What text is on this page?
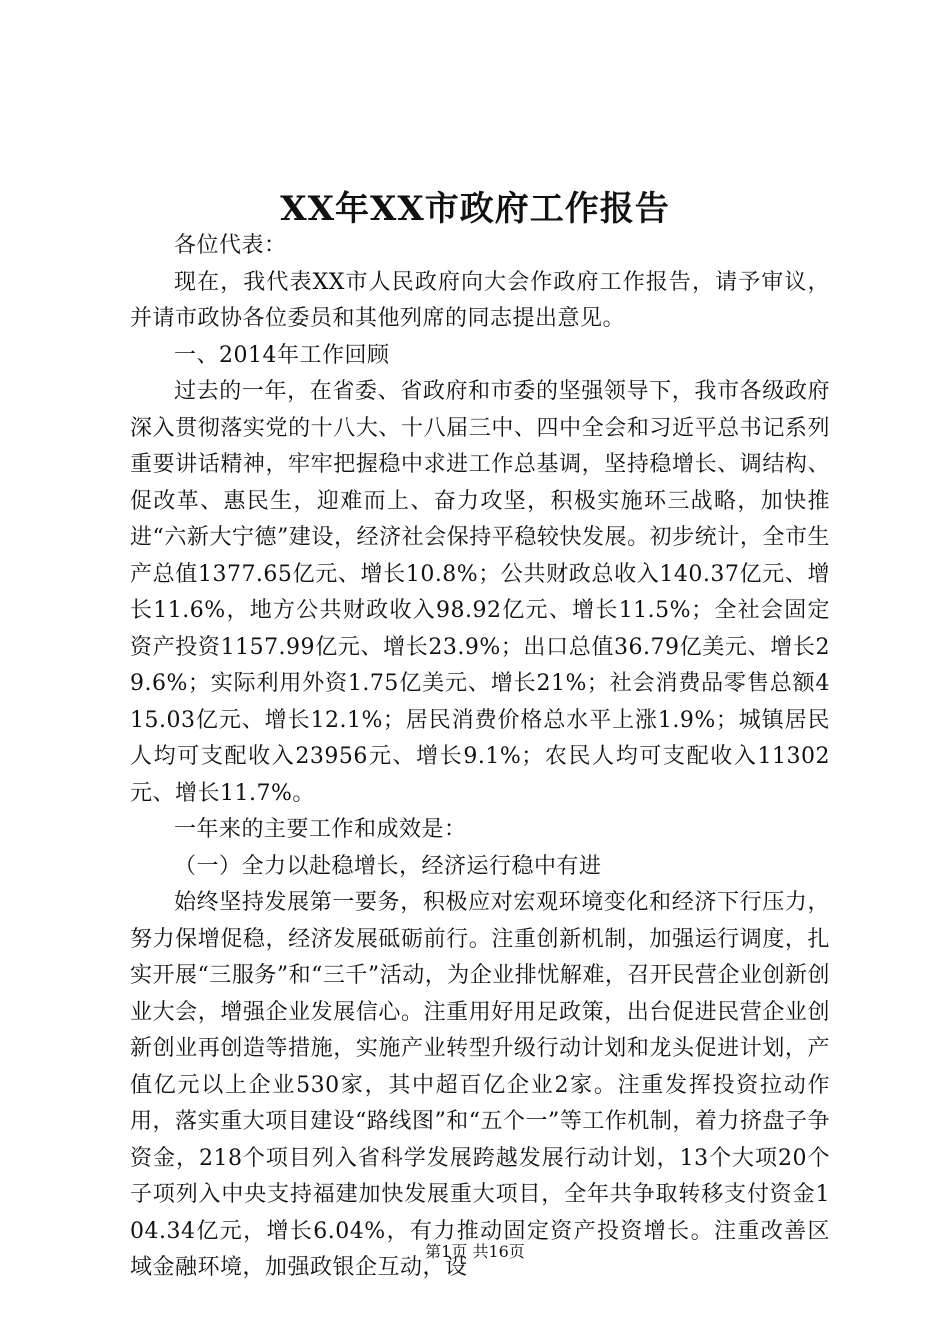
XX年XX市政府工作报告

各位代表：

现在，我代表XX市人民政府向大会作政府工作报告，请予审议，并请市政协各位委员和其他列席的同志提出意见。

一、2014年工作回顾

过去的一年，在省委、省政府和市委的坚强领导下，我市各级政府深入贯彻落实党的十八大、十八届三中、四中全会和习近平总书记系列重要讲话精神，牢牢把握稳中求进工作总基调，坚持稳增长、调结构、促改革、惠民生，迎难而上、奋力攻坚，积极实施环三战略，加快推进“六新大宁德”建设，经济社会保持平稳较快发展。初步统计，全市生产总值1377.65亿元、增长10.8%；公共财政总收入140.37亿元、增长11.6%，地方公共财政收入98.92亿元、增长11.5%；全社会固定资产投资1157.99亿元、增长23.9%；出口总值36.79亿美元、增长29.6%；实际利用外资1.75亿美元、增长21%；社会消费品零售总额415.03亿元、增长12.1%；居民消费价格总水平上涨1.9%；城镇居民人均可支配收入23956元、增长9.1%；农民人均可支配收入11302元、增长11.7%。

一年来的主要工作和成效是：

（一）全力以赴稳增长，经济运行稳中有进

始终坚持发展第一要务，积极应对宏观环境变化和经济下行压力，努力保增促稳，经济发展砥砺前行。注重创新机制，加强运行调度，扎实开展“三服务”和“三千”活动，为企业排忧解难，召开民营企业创新创业大会，增强企业发展信心。注重用好用足政策，出台促进民营企业创新创业再创造等措施，实施产业转型升级行动计划和龙头促进计划，产值亿元以上企业530家，其中超百亿企业2家。注重发挥投资拉动作用，落实重大项目建设“路线图”和“五个一”等工作机制，着力挤盘子争资金，218个项目列入省科学发展跨越发展行动计划，13个大项20个子项列入中央支持福建加快发展重大项目，全年共争取转移支付资金104.34亿元，增长6.04%，有力推动固定资产投资增长。注重改善区域金融环境，加强政银企互动，设

第1页 共16页
